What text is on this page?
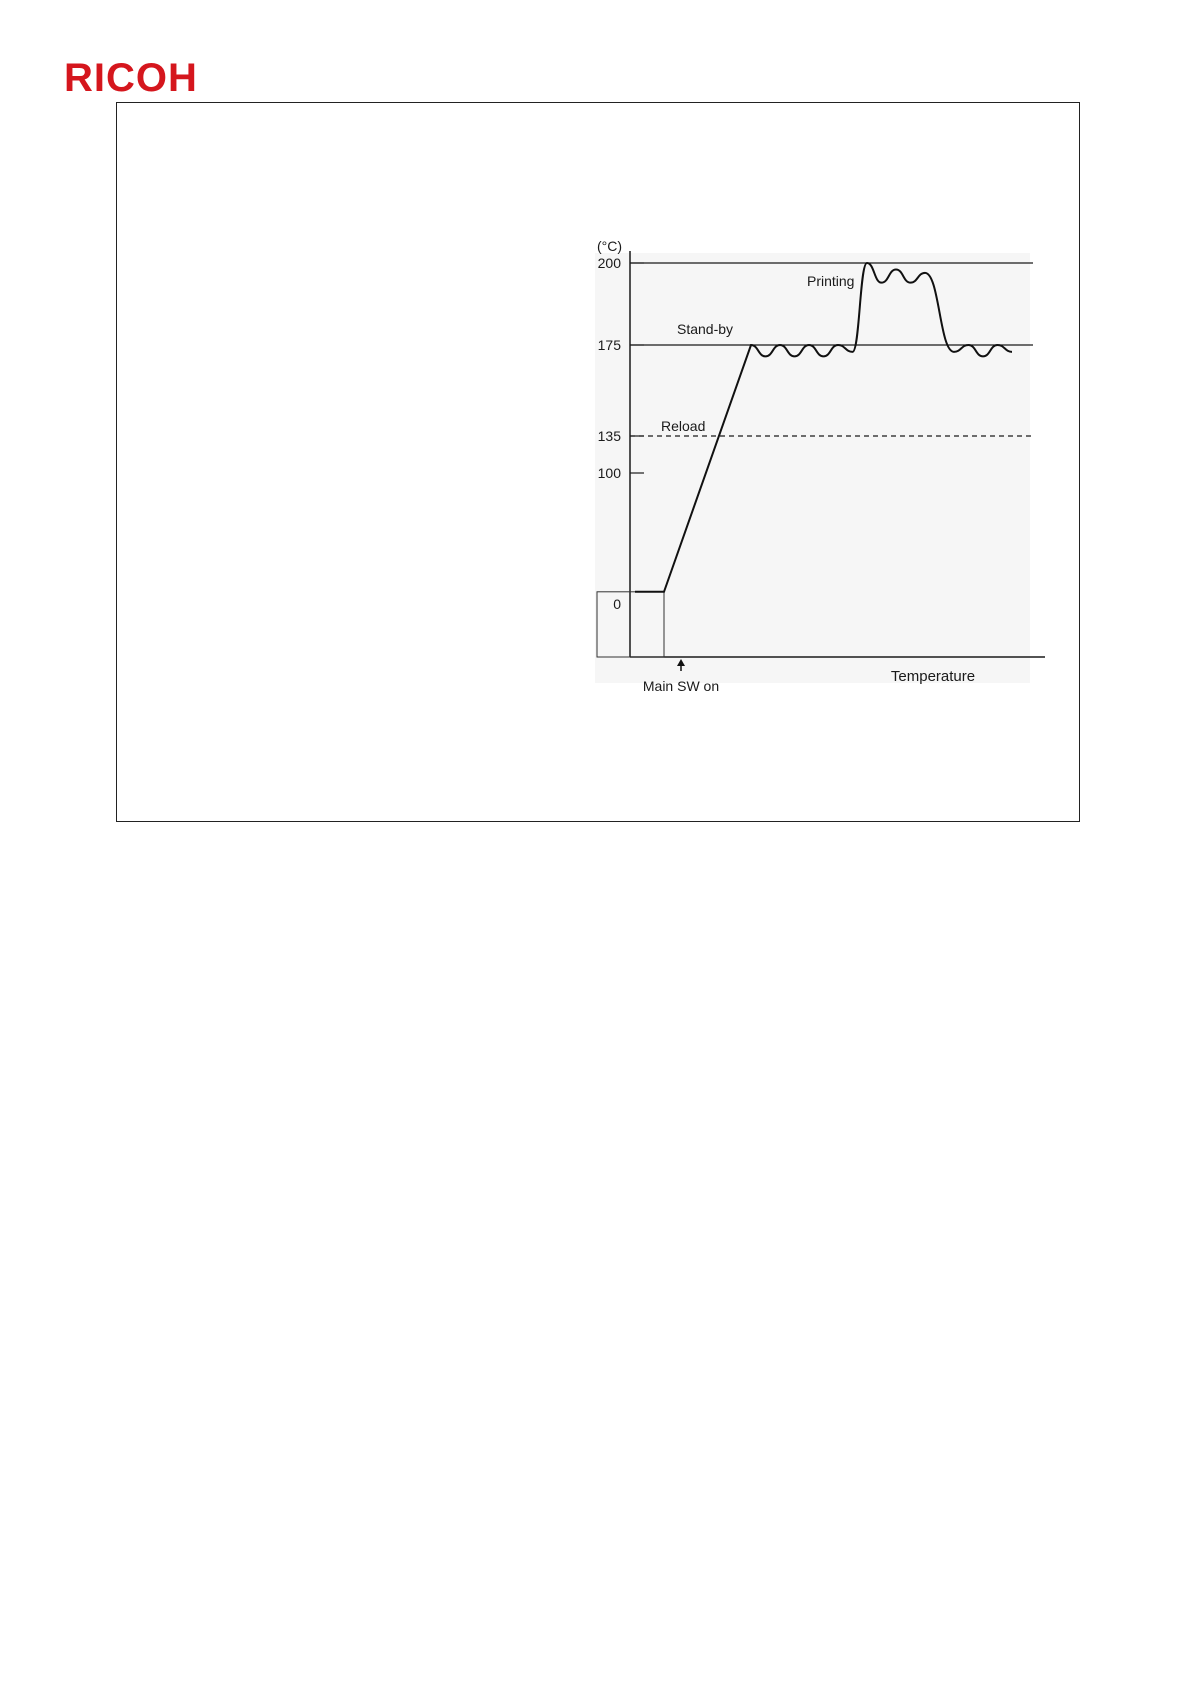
RICOH
Printing
Stand-by
Reload
200
175
135
100
0
(°C)
Temperature
Main SW on
